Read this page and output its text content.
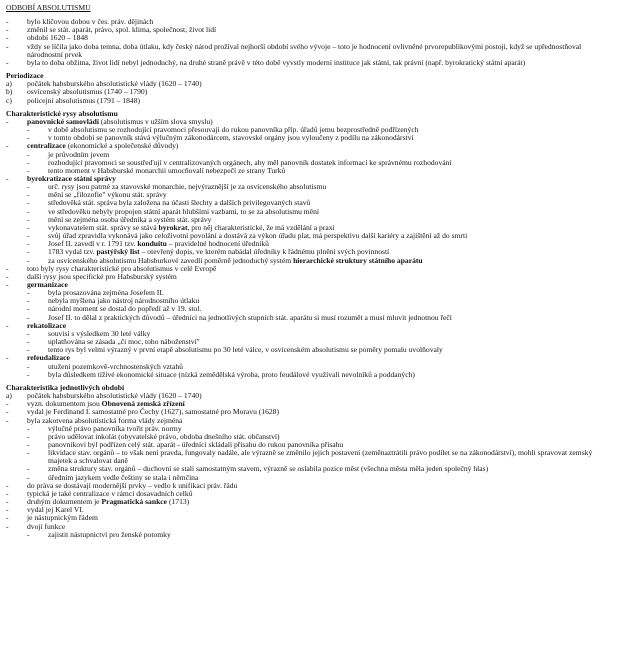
ODBOBÍ ABSOLUTISMU
- bylo klíčovou dobou v čes. práv. dějinách
- změnil se stát. aparát, právo, spol. klima, společnost, život lidí
- období 1620 – 1848
- vždy se líčila jako doba temna, doba útlaku, kdy český národ prožíval nejhorší období svého vývoje – toto je hodnocení ovlivněné prvorepublikovými postoji, když se upřednostňoval národnostní prvek
- byla to doba obžitna, život lidí nebyl jednoduchý, na druhé straně právě v této době vyvstly moderní instituce jak státní, tak právní (např. byrokratický státní aparát)
Periodizace
a) počátek habsburského absolutistické vlády (1620 – 1740)
b) osvícenský absolutismus (1740 – 1790)
c) policejní absolutismus (1791 – 1848)
Charakteristické rysy absolutismu
- panovnické samovládí (absolutismus v užším slova smyslu)
- v době absolutismu se rozhodující pravomoci přesouvají do rukou panovníka příp. úřadů jemu bezprostředně podřízených
- v tomto období se panovník stává výlučným zákonodárcem, stavovské orgány jsou vyloučeny z podílu na zákonodárství
- centralizace (ekonomické a společenské důvody)
- je průvodním jevem
- rozhodující pravomoci se soustřeďují v centralizovaných orgánech, aby měl panovník dostatek informací ke správnému rozhodování
- tento moment v Habsburské monarchii umocňovalí nebezpečí ze strany Turků
- byrokratizace státní správy
- urč. rysy jsou patrné za stavovské monarchie, nejvýraznější je za osvícenského absolutismu
- mění se „filozofie" výkonu stát. správy
- středověká stát. správa byla založena na účasti šlechty a dalších privilegovaných stavů
- ve středověku nebyly propojen státní aparát hlubšími vazbami, to se za absolutismu mění
- mění se zejména osoba úředníka a systém stát. správy
- vykonavatelem stát. správy se stává byrokrat, pro něj charakteristické, že má vzdělání a praxi
- svůj úřad zpravidla vykonává jako celoživotní povolání a dostává za výkon úřadu plat, má perspektivu další kariéry a zajištění až do smrti
- Josef II. zavedl v r. 1791 tzv. konduitu – pravidelné hodnocení úředníků
- 1783 vydal tzv. pastýřský list – otevřený dopis, ve kterém nabádal úředníky k řádnému plnění svých povinností
- za osvícenského absolutismu Habsburkové zavedli poměrně jednoduchý systém hierarchické struktury státního aparátu
- toto byly rysy charakteristické pro absolutismus v celé Evropě
- další rysy jsou specifické pro Habsburský systém
- germanizace
- byla prosazována zejména Josefem II.
- nebyla myšlena jako nástroj národnostního útlaku
- národní moment se dostal do popředí až v 19. stol.
- Josef II. to dělal z praktických důvodů – úředníci na jednotlivých stupních stát. aparátu si musí rozumět a musí mluvit jednotnou řečí
- rekatolizace
- souvisí s výsledkem 30 leté války
- uplatňována se zásada „či moc, toho náboženství"
- tento rys byl velmi výrazný v první etapě absolutismu po 30 leté válce, v osvícenském absolutismu se poměry pomalu uvolňovaly
- refeudalizace
- utužení pozemkově-vrchnostenských vztahů
- byla důsledkem tíživé ekonomické situace (nízká zemědělská výroba, proto feudálové využívali nevolníků a poddaných)
Charakteristika jednotlivých období
a) počátek habsburského absolutistické vlády (1620 – 1740)
- vyzn. dokumentem jsou Obnovená zemská zřízení
- vydal je Ferdinand I. samostatné pro Čechy (1627), samostatné pro Moravu (1628)
- byla zakotvena absolutistická forma vlády zejména
- výlučné právo panovníka tvořit práv. normy
- právo udělovat inkolát (obyvatelské právo, obdoba dnešního stát. občanství)
- panovníkovi byl podřízen celý stát. aparát - úředníci skládali přísahu do rukou panovníka přísahu
- likvidace stav. orgánů – to však není pravda, fungovaly nadále, ale výrazně se změnilo jejich postavení (zeměnaztrátili právo podílet se na zákonodárství), mohli spravovat zemský majetek a schvalovat daně
- změna struktury stav. orgánů – duchovní se stali samostatným stavem, výrazně se oslabila pozice měst (všechna města měla jeden společný hlas)
- úředním jazykem vedle češtiny se stala i němčina
- do práva se dostávají modernější prvky – vedlo k unifikaci práv. řádu
- typická je také centralizace v rámci dosavadních celků
- druhým dokumentem je Pragmatická sankce (1713)
- vydal jej Karel VI.
- je nástupnickým řádem
- dvojí funkce
- zajistit nástupnictví pro ženské potomky
